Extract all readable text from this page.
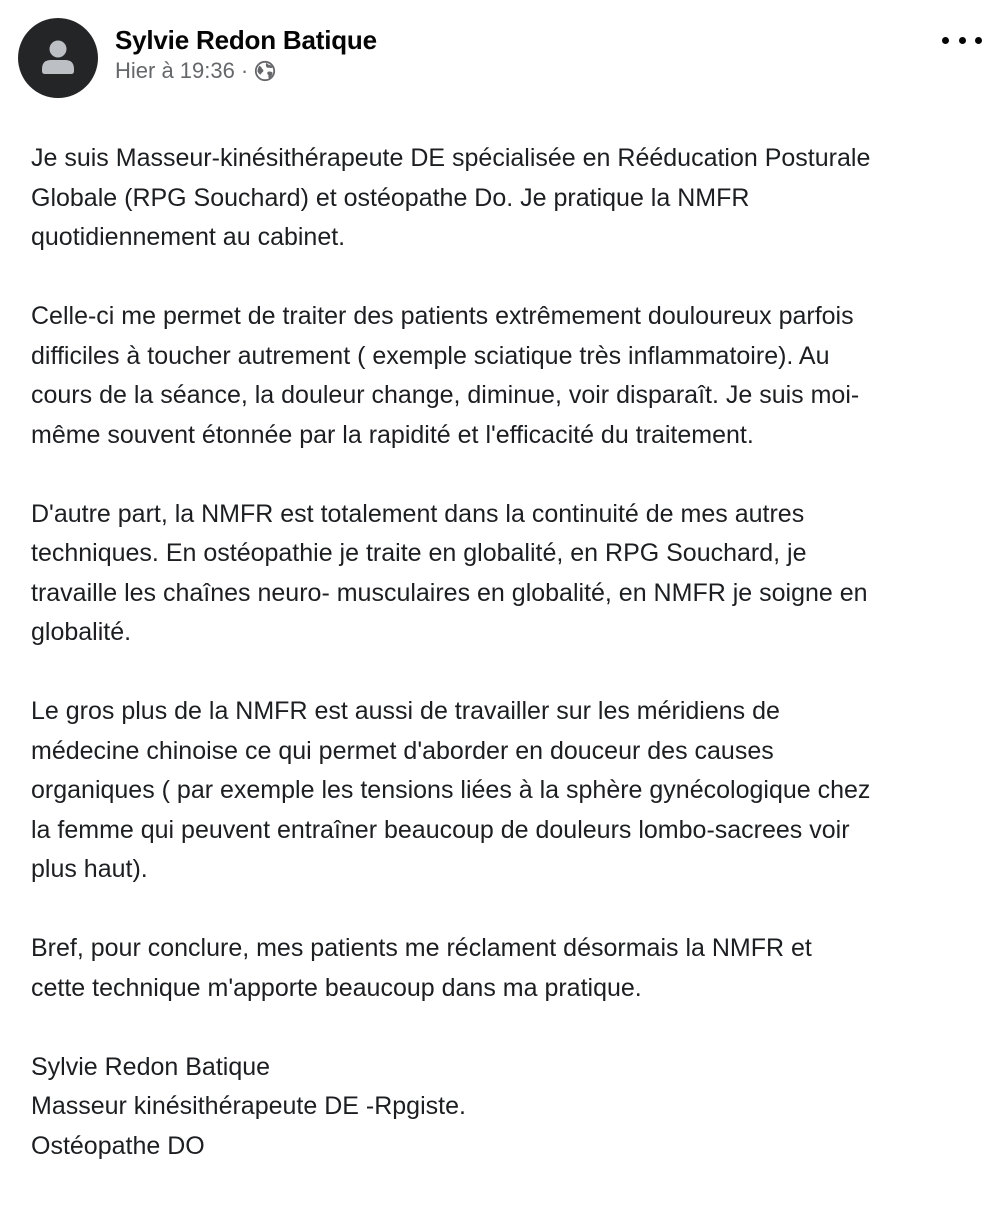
Sylvie Redon Batique
Hier à 19:36 ·

Je suis Masseur-kinésithérapeute DE spécialisée en Rééducation Posturale
Globale (RPG Souchard) et ostéopathe Do. Je pratique la NMFR
quotidiennement au cabinet.

Celle-ci me permet de traiter des patients extrêmement douloureux parfois
difficiles à toucher autrement ( exemple sciatique très inflammatoire). Au
cours de la séance, la douleur change, diminue, voir disparaît. Je suis moi-
même souvent étonnée par la rapidité et l'efficacité du traitement.

D'autre part, la NMFR est totalement dans la continuité de mes autres
techniques. En ostéopathie je traite en globalité, en RPG Souchard, je
travaille les chaînes neuro- musculaires en globalité, en NMFR je soigne en
globalité.

Le gros plus de la NMFR est aussi de travailler sur les méridiens de
médecine chinoise ce qui permet d'aborder en douceur des causes
organiques ( par exemple les tensions liées à la sphère gynécologique chez
la femme qui peuvent entraîner beaucoup de douleurs lombo-sacrees voir
plus haut).

Bref, pour conclure, mes patients me réclament désormais la NMFR et
cette technique m'apporte beaucoup dans ma pratique.

Sylvie Redon Batique
Masseur kinésithérapeute DE -Rpgiste.
Ostéopathe DO
